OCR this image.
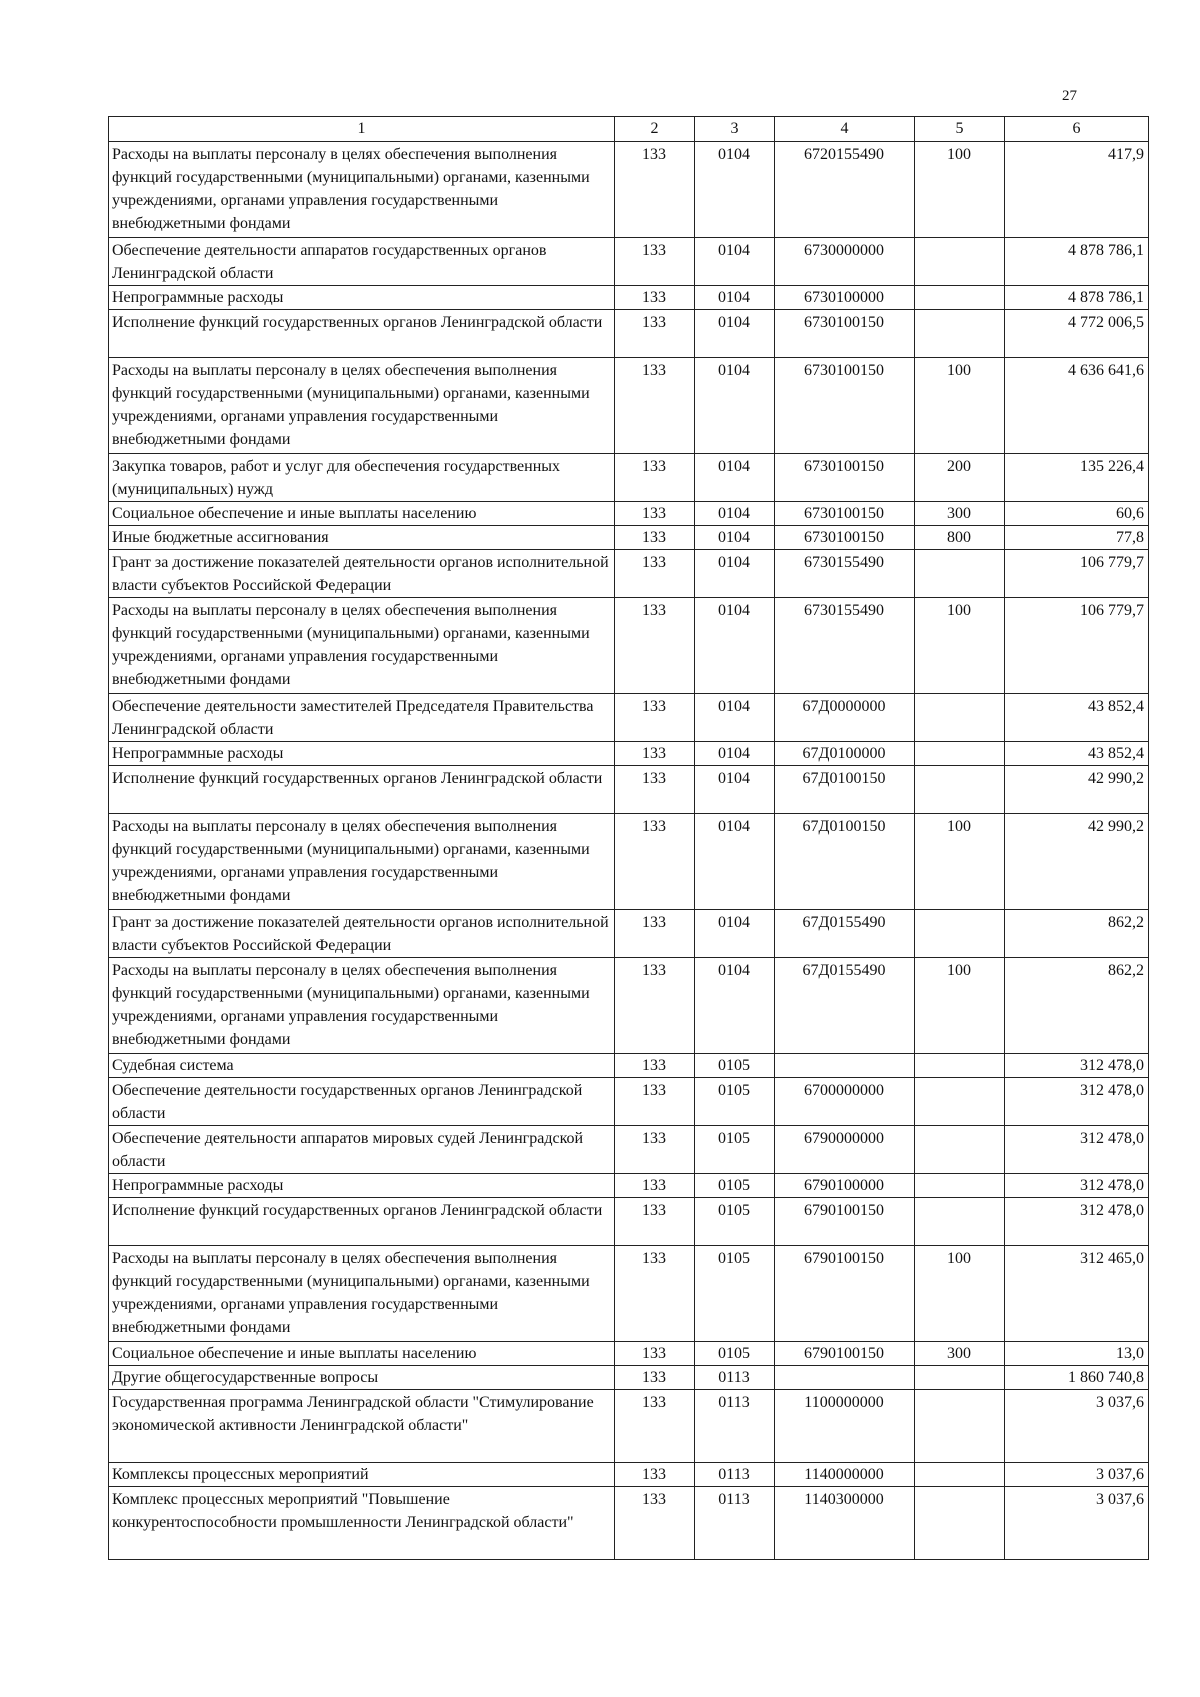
27
1	2	3	4	5	6
Расходы на выплаты персоналу в целях обеспечения выполнения функций государственными (муниципальными) органами, казенными учреждениями, органами управления государственными внебюджетными фондами	133	0104	6720155490	100	417,9
Обеспечение деятельности аппаратов государственных органов Ленинградской области	133	0104	6730000000		4 878 786,1
Непрограммные расходы	133	0104	6730100000		4 878 786,1
Исполнение функций государственных органов Ленинградской области	133	0104	6730100150		4 772 006,5
Расходы на выплаты персоналу в целях обеспечения выполнения функций государственными (муниципальными) органами, казенными учреждениями, органами управления государственными внебюджетными фондами	133	0104	6730100150	100	4 636 641,6
Закупка товаров, работ и услуг для обеспечения государственных (муниципальных) нужд	133	0104	6730100150	200	135 226,4
Социальное обеспечение и иные выплаты населению	133	0104	6730100150	300	60,6
Иные бюджетные ассигнования	133	0104	6730100150	800	77,8
Грант за достижение показателей деятельности органов исполнительной власти субъектов Российской Федерации	133	0104	6730155490		106 779,7
Расходы на выплаты персоналу в целях обеспечения выполнения функций государственными (муниципальными) органами, казенными учреждениями, органами управления государственными внебюджетными фондами	133	0104	6730155490	100	106 779,7
Обеспечение деятельности заместителей Председателя Правительства Ленинградской области	133	0104	67Д0000000		43 852,4
Непрограммные расходы	133	0104	67Д0100000		43 852,4
Исполнение функций государственных органов Ленинградской области	133	0104	67Д0100150		42 990,2
Расходы на выплаты персоналу в целях обеспечения выполнения функций государственными (муниципальными) органами, казенными учреждениями, органами управления государственными внебюджетными фондами	133	0104	67Д0100150	100	42 990,2
Грант за достижение показателей деятельности органов исполнительной власти субъектов Российской Федерации	133	0104	67Д0155490		862,2
Расходы на выплаты персоналу в целях обеспечения выполнения функций государственными (муниципальными) органами, казенными учреждениями, органами управления государственными внебюджетными фондами	133	0104	67Д0155490	100	862,2
Судебная система	133	0105			312 478,0
Обеспечение деятельности государственных органов Ленинградской области	133	0105	6700000000		312 478,0
Обеспечение деятельности аппаратов мировых судей Ленинградской области	133	0105	6790000000		312 478,0
Непрограммные расходы	133	0105	6790100000		312 478,0
Исполнение функций государственных органов Ленинградской области	133	0105	6790100150		312 478,0
Расходы на выплаты персоналу в целях обеспечения выполнения функций государственными (муниципальными) органами, казенными учреждениями, органами управления государственными внебюджетными фондами	133	0105	6790100150	100	312 465,0
Социальное обеспечение и иные выплаты населению	133	0105	6790100150	300	13,0
Другие общегосударственные вопросы	133	0113			1 860 740,8
Государственная программа Ленинградской области "Стимулирование экономической активности Ленинградской области"	133	0113	1100000000		3 037,6
Комплексы процессных мероприятий	133	0113	1140000000		3 037,6
Комплекс процессных мероприятий "Повышение конкурентоспособности промышленности Ленинградской области"	133	0113	1140300000		3 037,6
